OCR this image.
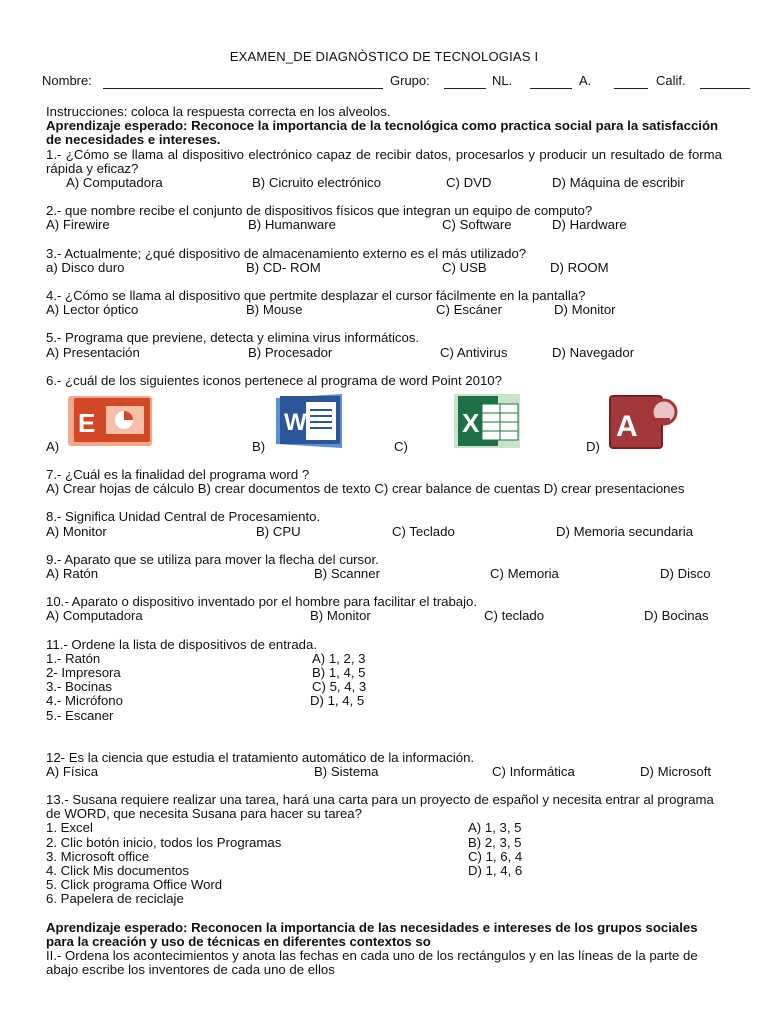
EXAMEN_DE DIAGNÒSTICO DE TECNOLOGIAS I
Nombre:	Grupo:	NL.	A.	Calif.

Instrucciones: coloca la respuesta correcta en los alveolos.

Aprendizaje esperado: Reconoce la importancia de la tecnológica como practica social para la satisfacción de necesidades e intereses.

1.- ¿Cómo se llama al dispositivo electrónico capaz de recibir datos, procesarlos y producir un resultado de forma rápida y eficaz?

A) Computadora	B) Cicruito electrónico	C) DVD	D) Máquina de escribir

2.- que nombre recibe el conjunto de dispositivos físicos que integran un equipo de computo?

A) Firewire	B) Humanware	C) Software	D) Hardware

3.- Actualmente; ¿qué dispositivo de almacenamiento externo es el más utilizado?

a) Disco duro	B) CD- ROM	C) USB	D) ROOM

4.- ¿Cómo se llama al dispositivo que pertmite desplazar el cursor fácilmente en la pantalla?

A) Lector óptico	B) Mouse	C) Escáner	D) Monitor

5.- Programa que previene, detecta y elimina virus informáticos.

A) Presentación	B) Procesador	C) Antivirus	D) Navegador

6.- ¿cuál de los siguientes iconos pertenece al programa de word Point 2010?

A)
E
B)
W
C)
X
D)
A

7.- ¿Cuál es la finalidad del programa word ?

A) Crear hojas de cálculo B) crear documentos de texto C) crear balance de cuentas D) crear presentaciones

8.- Significa Unidad Central de Procesamiento.

A) Monitor	B) CPU	C) Teclado	D) Memoria secundaria

9.- Aparato que se utiliza para mover la flecha del cursor.

A) Ratón	B) Scanner	C) Memoria	D) Disco

10.- Aparato o dispositivo inventado por el hombre para facilitar el trabajo.

A) Computadora	B) Monitor	C) teclado	D) Bocinas

11.- Ordene la lista de dispositivos de entrada.

1.- Ratón	A) 1, 2, 3
2- Impresora	B) 1, 4, 5
3.- Bocinas	C) 5, 4, 3
4.- Micrófono	D) 1, 4, 5
5.- Escaner

12- Es la ciencia que estudia el tratamiento automático de la información.

A) Física	B) Sistema	C) Informática	D) Microsoft

13.- Susana requiere realizar una tarea, hará una carta para un proyecto de español y necesita entrar al programa de WORD, que necesita Susana para hacer su tarea?

1. Excel	A) 1, 3, 5
2. Clic botón inicio, todos los Programas	B) 2, 3, 5
3. Microsoft office	C) 1, 6, 4
4. Click Mis documentos	D) 1, 4, 6
5. Click programa Office Word
6. Papelera de reciclaje

Aprendizaje esperado: Reconocen la importancia de las necesidades e intereses de los grupos sociales para la creación y uso de técnicas en diferentes contextos so

II.- Ordena los acontecimientos y anota las fechas en cada uno de los rectángulos y en las líneas de la parte de abajo escribe los inventores de cada uno de ellos
